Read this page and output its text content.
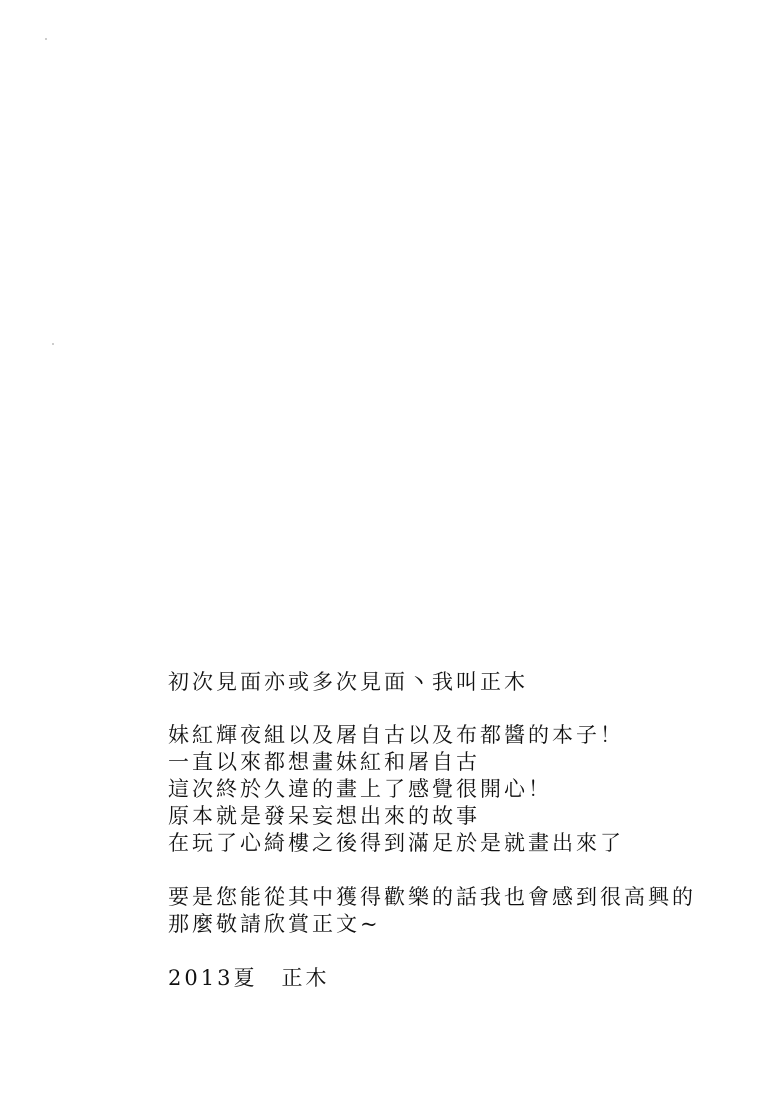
初次見面亦或多次見面丶我叫正木

妹紅輝夜組以及屠自古以及布都醬的本子！

一直以來都想畫妹紅和屠自古

這次終於久違的畫上了感覺很開心！

原本就是發呆妄想出來的故事

在玩了心綺樓之後得到滿足於是就畫出來了

要是您能從其中獲得歡樂的話我也會感到很高興的

那麼敬請欣賞正文~

2013夏　正木
